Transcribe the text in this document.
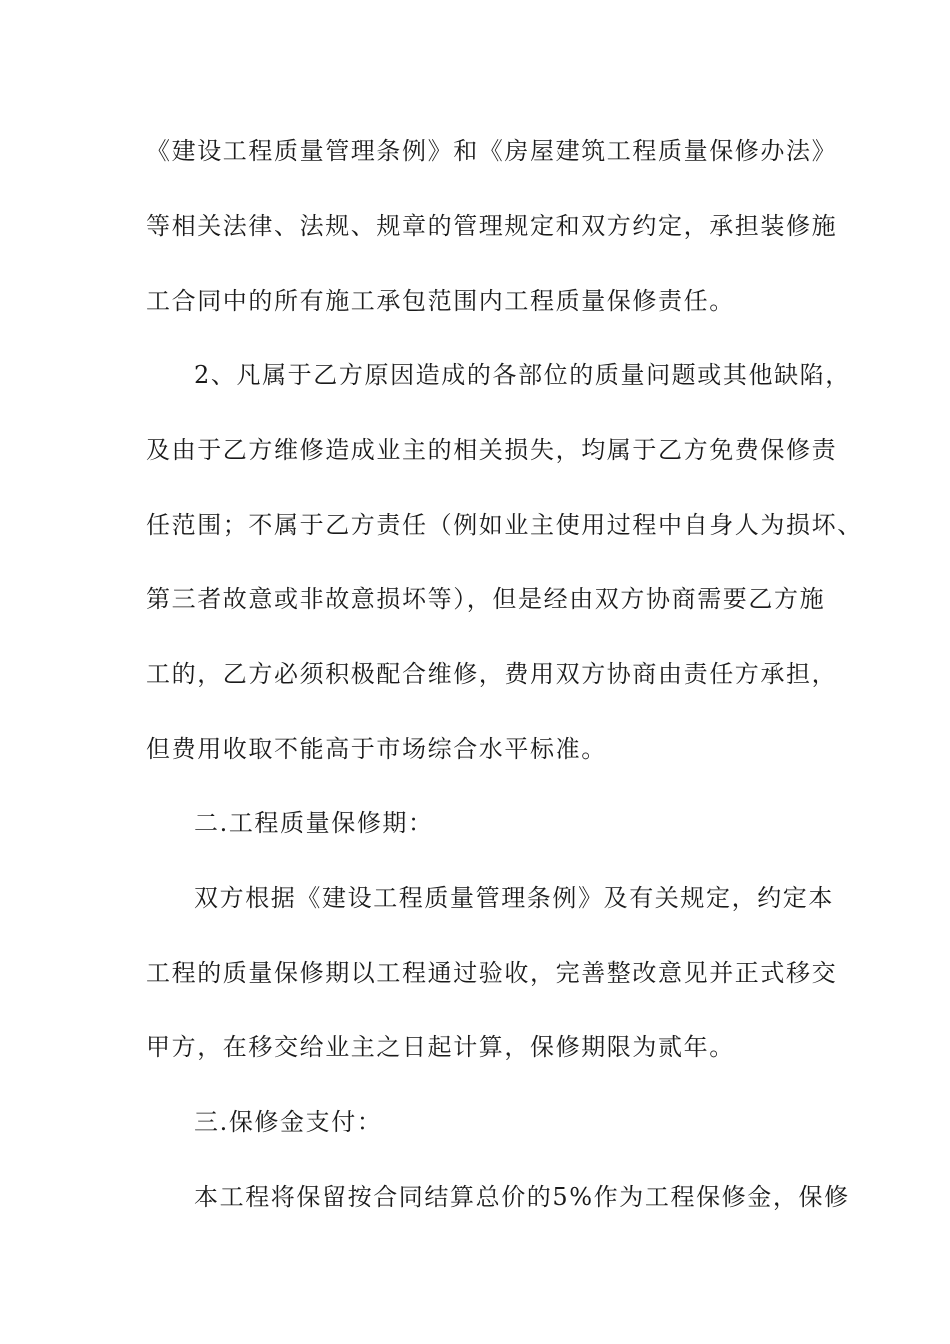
《建设工程质量管理条例》和《房屋建筑工程质量保修办法》
等相关法律、法规、规章的管理规定和双方约定，承担装修施
工合同中的所有施工承包范围内工程质量保修责任。
2、凡属于乙方原因造成的各部位的质量问题或其他缺陷，
及由于乙方维修造成业主的相关损失，均属于乙方免费保修责
任范围；不属于乙方责任（例如业主使用过程中自身人为损坏、
第三者故意或非故意损坏等），但是经由双方协商需要乙方施
工的，乙方必须积极配合维修，费用双方协商由责任方承担，
但费用收取不能高于市场综合水平标准。
二.工程质量保修期：
双方根据《建设工程质量管理条例》及有关规定，约定本
工程的质量保修期以工程通过验收，完善整改意见并正式移交
甲方，在移交给业主之日起计算，保修期限为贰年。
三.保修金支付：
本工程将保留按合同结算总价的5%作为工程保修金，保修
